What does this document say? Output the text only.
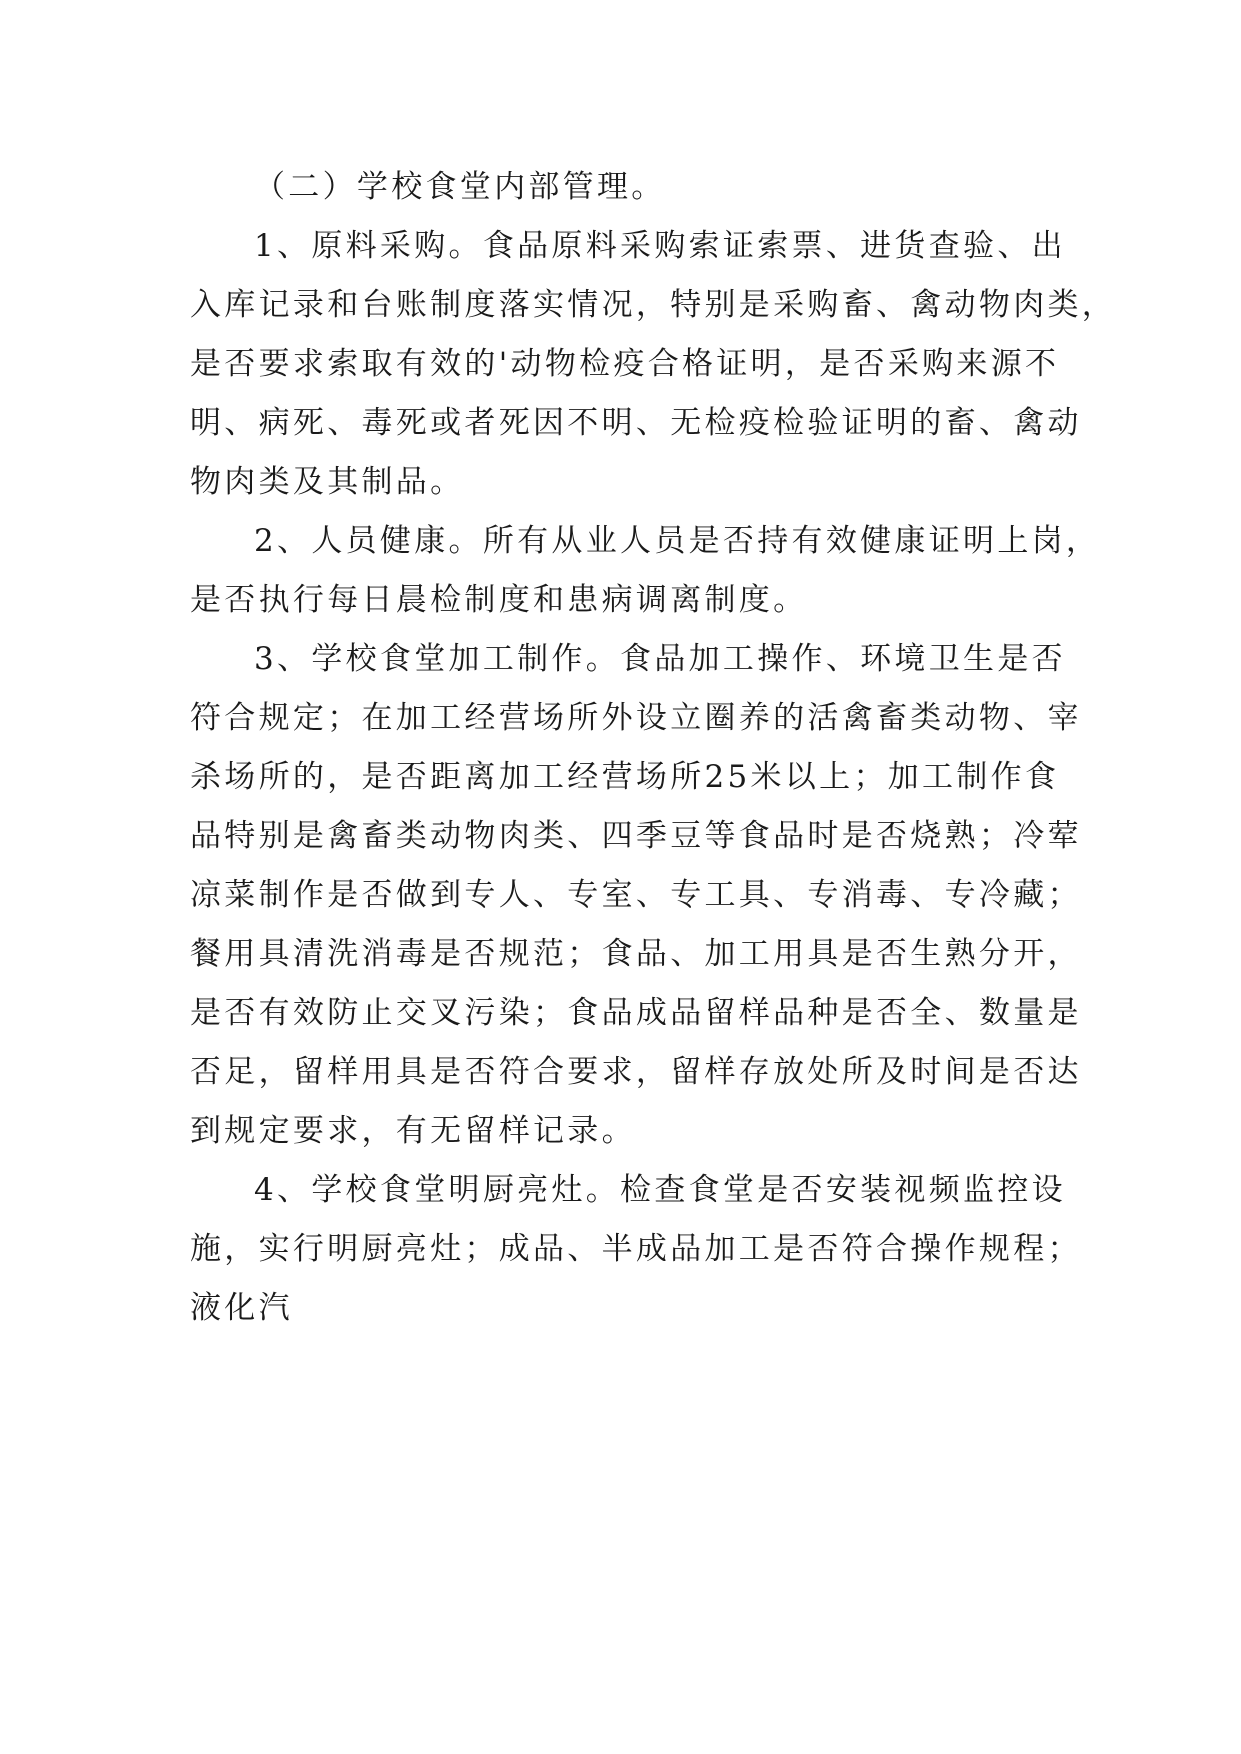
（二）学校食堂内部管理。

1、原料采购。食品原料采购索证索票、进货查验、出
入库记录和台账制度落实情况，特别是采购畜、禽动物肉类，
是否要求索取有效的'动物检疫合格证明，是否采购来源不
明、病死、毒死或者死因不明、无检疫检验证明的畜、禽动
物肉类及其制品。

2、人员健康。所有从业人员是否持有效健康证明上岗，
是否执行每日晨检制度和患病调离制度。

3、学校食堂加工制作。食品加工操作、环境卫生是否
符合规定；在加工经营场所外设立圈养的活禽畜类动物、宰
杀场所的，是否距离加工经营场所25米以上；加工制作食
品特别是禽畜类动物肉类、四季豆等食品时是否烧熟；冷荤
凉菜制作是否做到专人、专室、专工具、专消毒、专冷藏；
餐用具清洗消毒是否规范；食品、加工用具是否生熟分开，
是否有效防止交叉污染；食品成品留样品种是否全、数量是
否足，留样用具是否符合要求，留样存放处所及时间是否达
到规定要求，有无留样记录。

4、学校食堂明厨亮灶。检查食堂是否安装视频监控设
施，实行明厨亮灶；成品、半成品加工是否符合操作规程；
液化汽
